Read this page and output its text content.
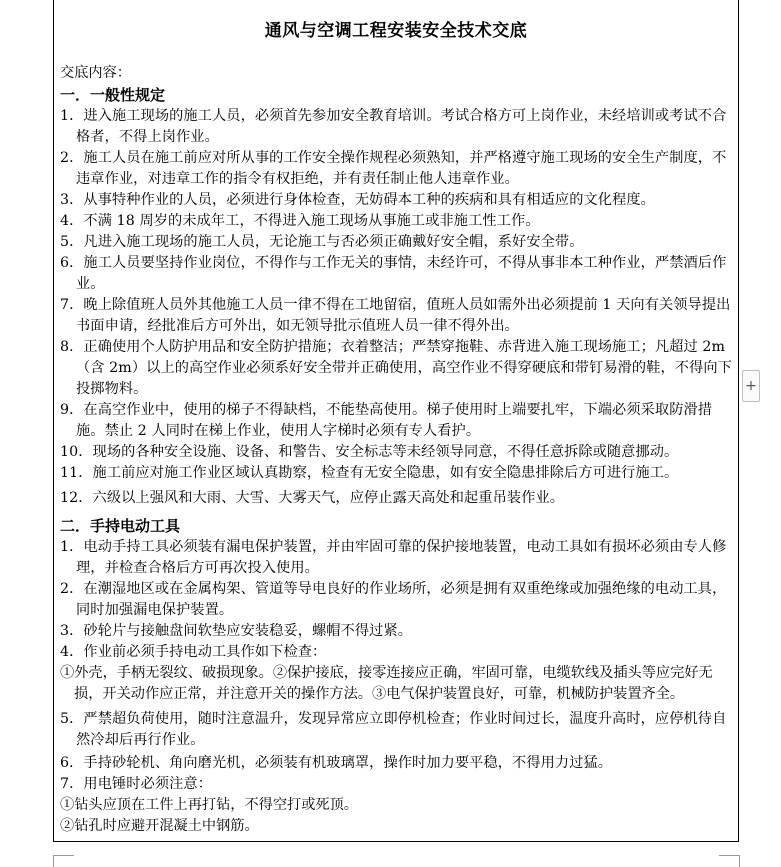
通风与空调工程安装安全技术交底

交底内容：

一．一般性规定

1．进入施工现场的施工人员，必须首先参加安全教育培训。考试合格方可上岗作业，未经培训或考试不合格者，不得上岗作业。

2．施工人员在施工前应对所从事的工作安全操作规程必须熟知，并严格遵守施工现场的安全生产制度，不违章作业，对违章工作的指令有权拒绝，并有责任制止他人违章作业。

3．从事特种作业的人员，必须进行身体检查，无妨碍本工种的疾病和具有相适应的文化程度。

4．不满 18 周岁的未成年工，不得进入施工现场从事施工或非施工性工作。

5．凡进入施工现场的施工人员，无论施工与否必须正确戴好安全帽，系好安全带。

6．施工人员要坚持作业岗位，不得作与工作无关的事情，未经许可，不得从事非本工种作业，严禁酒后作业。

7．晚上除值班人员外其他施工人员一律不得在工地留宿，值班人员如需外出必须提前 1 天向有关领导提出书面申请，经批准后方可外出，如无领导批示值班人员一律不得外出。

8．正确使用个人防护用品和安全防护措施；衣着整洁；严禁穿拖鞋、赤背进入施工现场施工；凡超过 2m（含 2m）以上的高空作业必须系好安全带并正确使用，高空作业不得穿硬底和带钉易滑的鞋，不得向下投掷物料。

9．在高空作业中，使用的梯子不得缺档，不能垫高使用。梯子使用时上端要扎牢，下端必须采取防滑措施。禁止 2 人同时在梯上作业，使用人字梯时必须有专人看护。

10．现场的各种安全设施、设备、和警告、安全标志等未经领导同意，不得任意拆除或随意挪动。

11．施工前应对施工作业区域认真勘察，检查有无安全隐患，如有安全隐患排除后方可进行施工。

12．六级以上强风和大雨、大雪、大雾天气，应停止露天高处和起重吊装作业。

二．手持电动工具

1．电动手持工具必须装有漏电保护装置，并由牢固可靠的保护接地装置，电动工具如有损坏必须由专人修理，并检查合格后方可再次投入使用。

2．在潮湿地区或在金属构架、管道等导电良好的作业场所，必须是拥有双重绝缘或加强绝缘的电动工具，同时加强漏电保护装置。

3．砂轮片与接触盘间软垫应安装稳妥，螺帽不得过紧。

4．作业前必须手持电动工具作如下检查：

①外壳，手柄无裂纹、破损现象。②保护接底，接零连接应正确，牢固可靠，电缆软线及插头等应完好无损，开关动作应正常，并注意开关的操作方法。③电气保护装置良好，可靠，机械防护装置齐全。

5．严禁超负荷使用，随时注意温升，发现异常应立即停机检查；作业时间过长，温度升高时，应停机待自然冷却后再行作业。

6．手持砂轮机、角向磨光机，必须装有机玻璃罩，操作时加力要平稳，不得用力过猛。

7．用电锤时必须注意：

①钻头应顶在工件上再打钻，不得空打或死顶。

②钻孔时应避开混凝土中钢筋。

+
